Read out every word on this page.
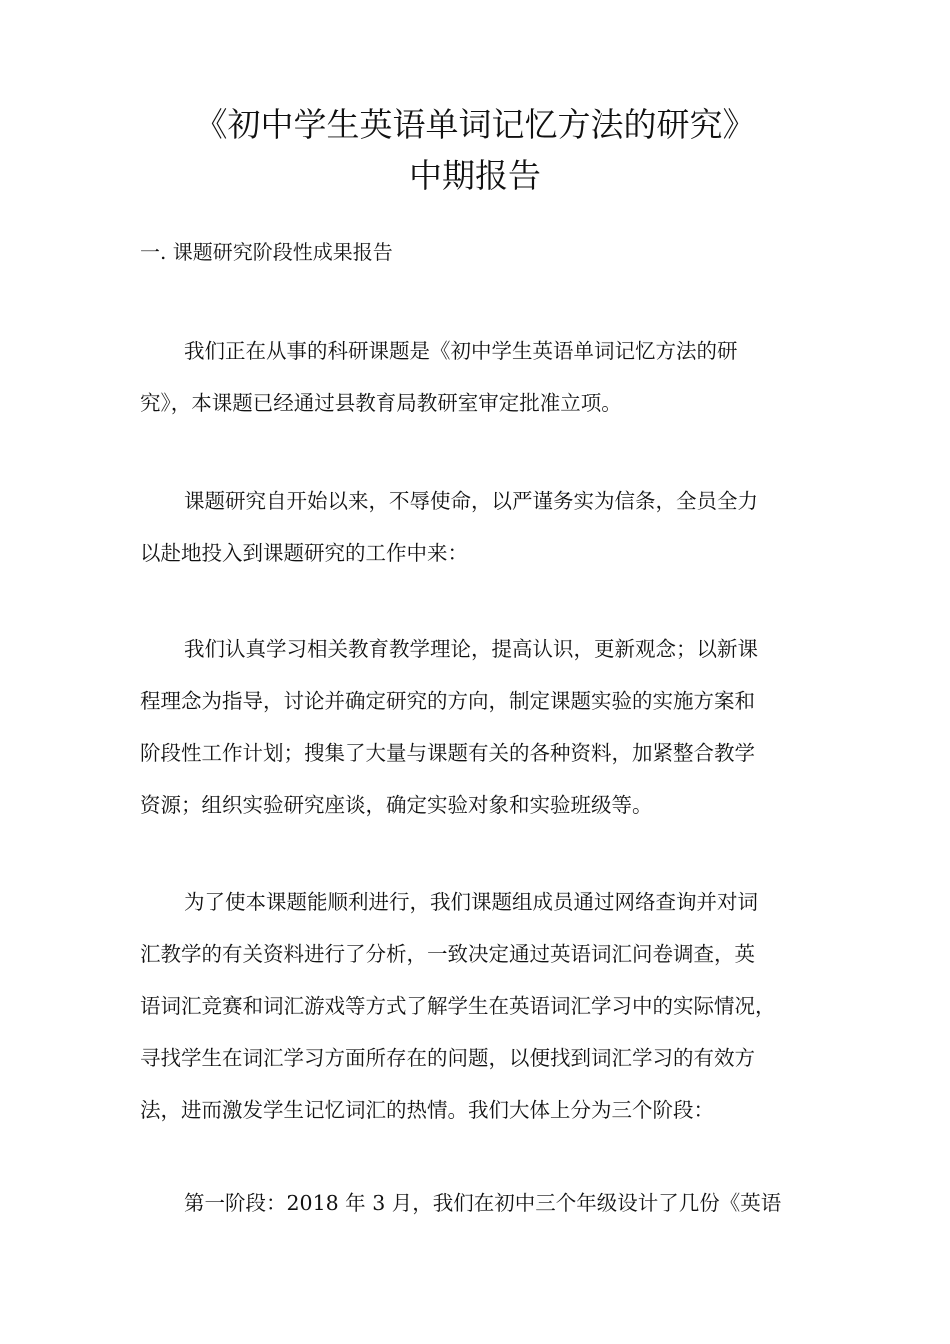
《初中学生英语单词记忆方法的研究》
中期报告
一. 课题研究阶段性成果报告

我们正在从事的科研课题是《初中学生英语单词记忆方法的研
究》，本课题已经通过县教育局教研室审定批准立项。

课题研究自开始以来，不辱使命，以严谨务实为信条，全员全力
以赴地投入到课题研究的工作中来：

我们认真学习相关教育教学理论，提高认识，更新观念；以新课
程理念为指导，讨论并确定研究的方向，制定课题实验的实施方案和
阶段性工作计划；搜集了大量与课题有关的各种资料，加紧整合教学
资源；组织实验研究座谈，确定实验对象和实验班级等。

为了使本课题能顺利进行，我们课题组成员通过网络查询并对词
汇教学的有关资料进行了分析，一致决定通过英语词汇问卷调查，英
语词汇竞赛和词汇游戏等方式了解学生在英语词汇学习中的实际情况，
寻找学生在词汇学习方面所存在的问题，以便找到词汇学习的有效方
法，进而激发学生记忆词汇的热情。我们大体上分为三个阶段：

第一阶段：2018 年 3 月，我们在初中三个年级设计了几份《英语
